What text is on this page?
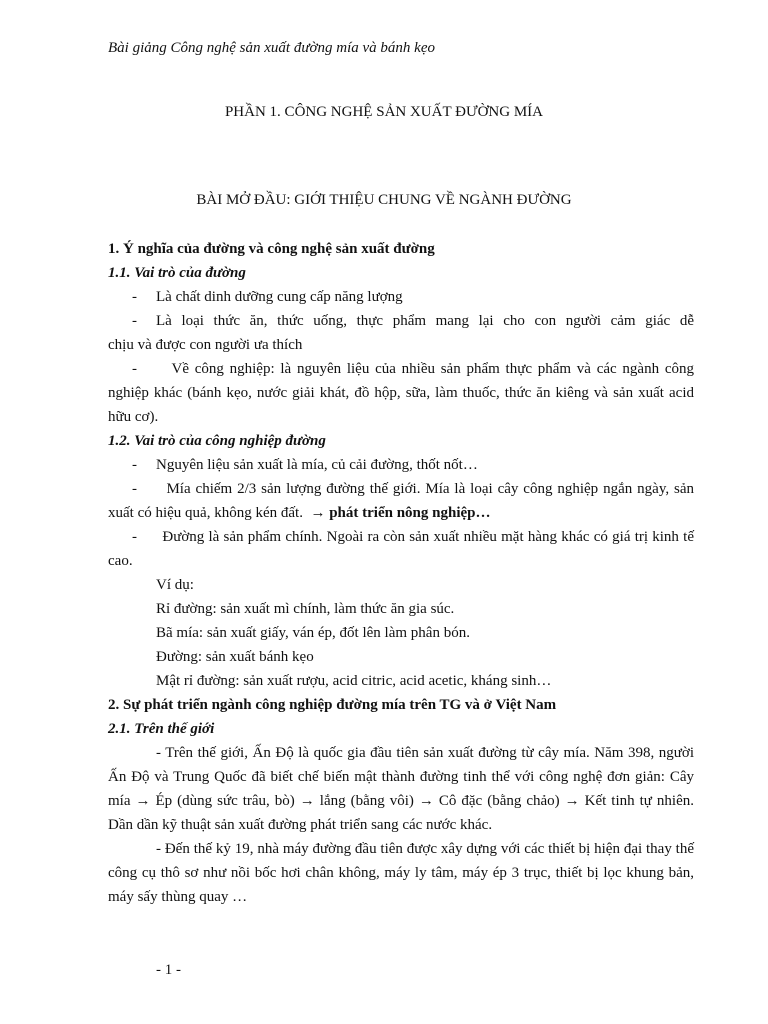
Bài giảng Công nghệ sản xuất đường mía và bánh kẹo
PHẦN 1. CÔNG NGHỆ SẢN XUẤT ĐƯỜNG MÍA
BÀI MỞ ĐẦU: GIỚI THIỆU CHUNG VỀ NGÀNH ĐƯỜNG

1. Ý nghĩa của đường và công nghệ sản xuất đường

1.1. Vai trò của đường

-	Là chất dinh dưỡng cung cấp năng lượng

- Là loại thức ăn, thức uống, thực phẩm mang lại cho con người cảm giác dễ

chịu và được con người ưa thích

-      Về công nghiệp: là nguyên liệu của nhiều sản phẩm thực phẩm và các ngành công nghiệp khác (bánh kẹo, nước giải khát, đồ hộp, sữa, làm thuốc, thức ăn kiêng và sản xuất acid hữu cơ).

1.2. Vai trò của công nghiệp đường

-	Nguyên liệu sản xuất là mía, củ cải đường, thốt nốt…

-      Mía chiếm 2/3 sản lượng đường thế giới. Mía là loại cây công nghiệp ngắn ngày, sản xuất có hiệu quả, không kén đất. → phát triển nông nghiệp…

-      Đường là sản phẩm chính. Ngoài ra còn sản xuất nhiều mặt hàng khác có giá trị kinh tế cao.

Ví dụ:

Rỉ đường: sản xuất mì chính, làm thức ăn gia súc.

Bã mía: sản xuất giấy, ván ép, đốt lên làm phân bón.

Đường: sản xuất bánh kẹo

Mật rỉ đường: sản xuất rượu, acid citric, acid acetic, kháng sinh…

2. Sự phát triển ngành công nghiệp đường mía trên TG và ở Việt Nam

2.1. Trên thế giới

- Trên thế giới, Ấn Độ là quốc gia đầu tiên sản xuất đường từ cây mía. Năm 398, người Ấn Độ và Trung Quốc đã biết chế biến mật thành đường tinh thể với công nghệ đơn giản: Cây mía → Ép (dùng sức trâu, bò) → lắng (bằng vôi) → Cô đặc (bằng chảo) → Kết tinh tự nhiên. Dần dần kỹ thuật sản xuất đường phát triển sang các nước khác.

- Đến thế kỷ 19, nhà máy đường đầu tiên được xây dựng với các thiết bị hiện đại thay thế công cụ thô sơ như nồi bốc hơi chân không, máy ly tâm, máy ép 3 trục, thiết bị lọc khung bản, máy sấy thùng quay …

- 1 -
